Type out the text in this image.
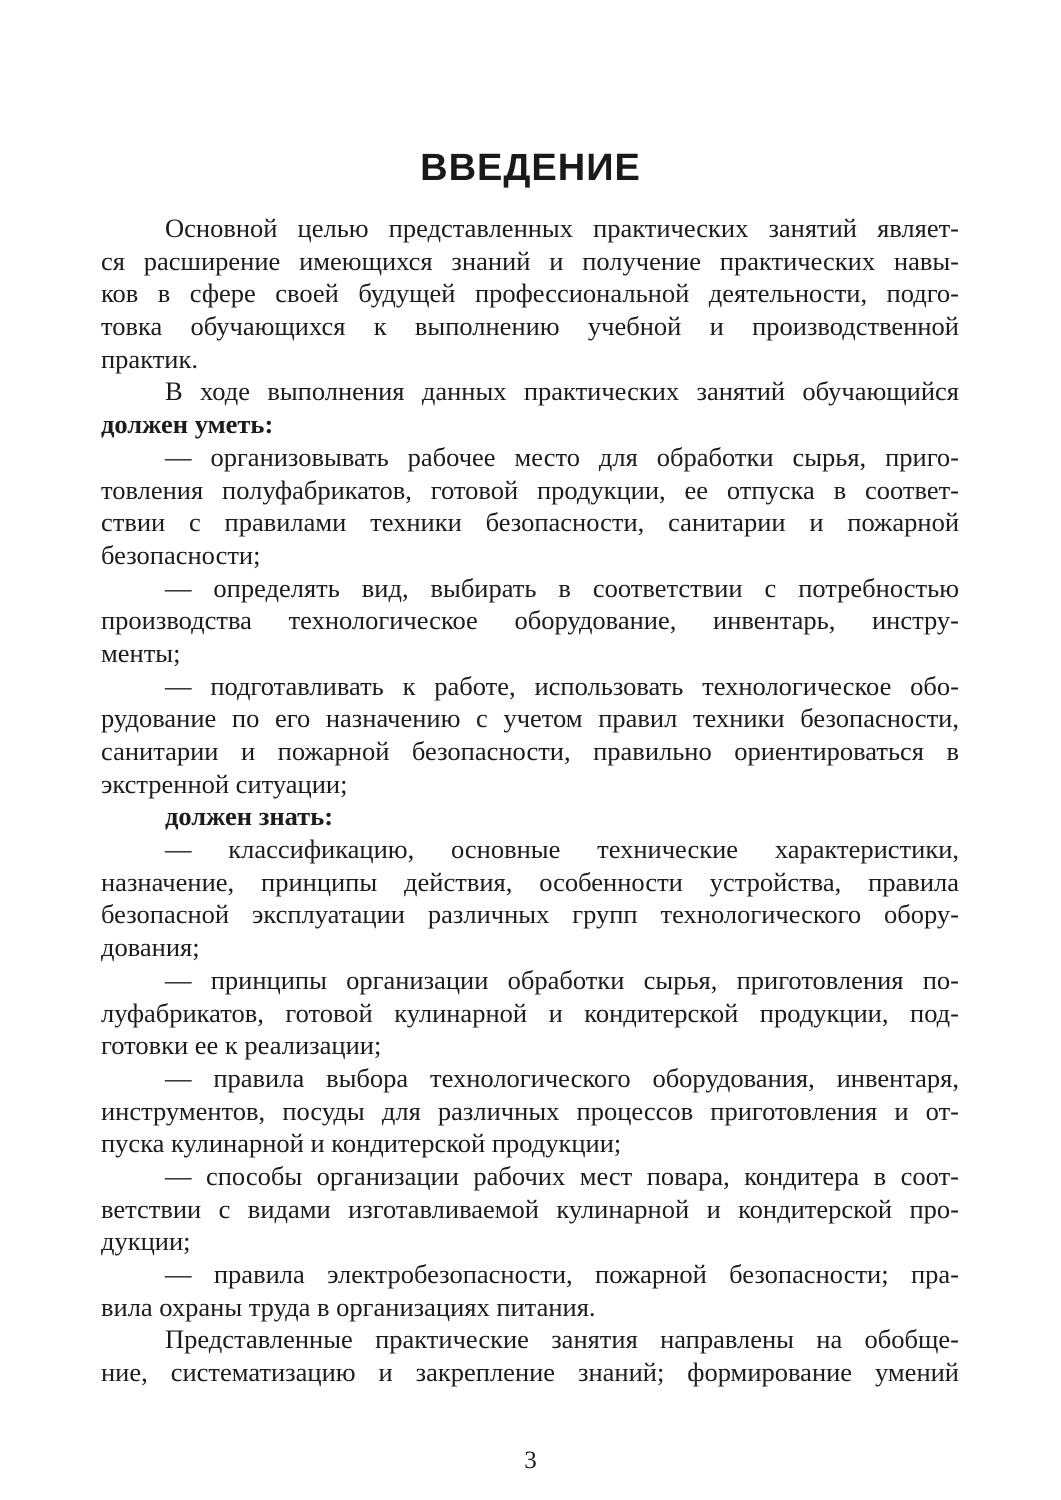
ВВЕДЕНИЕ
Основной целью представленных практических занятий являет-
ся расширение имеющихся знаний и получение практических навы-
ков в сфере своей будущей профессиональной деятельности, подго-
товка обучающихся к выполнению учебной и производственной
практик.
В ходе выполнения данных практических занятий обучающийся
должен уметь:
— организовывать рабочее место для обработки сырья, приго-
товления полуфабрикатов, готовой продукции, ее отпуска в соответ-
ствии с правилами техники безопасности, санитарии и пожарной
безопасности;
— определять вид, выбирать в соответствии с потребностью
производства технологическое оборудование, инвентарь, инстру-
менты;
— подготавливать к работе, использовать технологическое обо-
рудование по его назначению с учетом правил техники безопасности,
санитарии и пожарной безопасности, правильно ориентироваться в
экстренной ситуации;
должен знать:
— классификацию, основные технические характеристики,
назначение, принципы действия, особенности устройства, правила
безопасной эксплуатации различных групп технологического обору-
дования;
— принципы организации обработки сырья, приготовления по-
луфабрикатов, готовой кулинарной и кондитерской продукции, под-
готовки ее к реализации;
— правила выбора технологического оборудования, инвентаря,
инструментов, посуды для различных процессов приготовления и от-
пуска кулинарной и кондитерской продукции;
— способы организации рабочих мест повара, кондитера в соот-
ветствии с видами изготавливаемой кулинарной и кондитерской про-
дукции;
— правила электробезопасности, пожарной безопасности; пра-
вила охраны труда в организациях питания.
Представленные практические занятия направлены на обобще-
ние, систематизацию и закрепление знаний; формирование умений
3
